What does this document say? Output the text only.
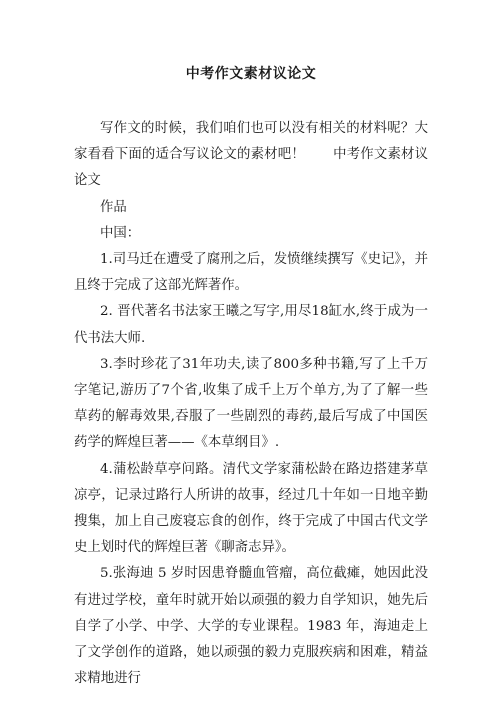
中考作文素材议论文

写作文的时候，我们咱们也可以没有相关的材料呢？大家看看下面的适合写议论文的素材吧！ 中考作文素材议论文

作品

中国：

1.司马迁在遭受了腐刑之后，发愤继续撰写《史记》，并且终于完成了这部光辉著作。

2. 晋代著名书法家王曦之写字,用尽18缸水,终于成为一代书法大师.

3.李时珍花了31年功夫,读了800多种书籍,写了上千万字笔记,游历了7个省,收集了成千上万个单方,为了了解一些草药的解毒效果,吞服了一些剧烈的毒药,最后写成了中国医药学的辉煌巨著——《本草纲目》.

4.蒲松龄草亭问路。清代文学家蒲松龄在路边搭建茅草凉亭，记录过路行人所讲的故事，经过几十年如一日地辛勤搜集，加上自己废寝忘食的创作，终于完成了中国古代文学史上划时代的辉煌巨著《聊斋志异》。

5.张海迪 5 岁时因患脊髓血管瘤，高位截瘫，她因此没有进过学校，童年时就开始以顽强的毅力自学知识，她先后自学了小学、中学、大学的专业课程。1983 年，海迪走上了文学创作的道路，她以顽强的毅力克服疾病和困难，精益求精地进行
